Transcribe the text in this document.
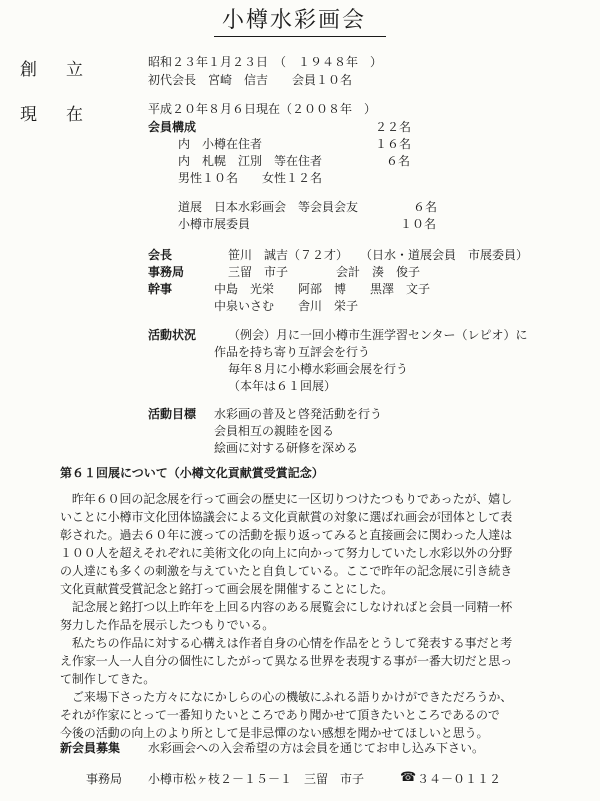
小樽水彩画会
創　立	昭和２３年１月２３日　（　１９４８年　）
初代会長　宮崎　信吉　　会員１０名
現　在	平成２０年８月６日現在（２００８年　）
会員構成	２２名
内　小樽在住者	１６名
内　札幌　江別　等在住者	６名
男性１０名　　女性１２名
道展　日本水彩画会　等会員会友	６名
小樽市展委員	１０名
会長	笹川　誠吉（７２才）　　（日水・道展会員　市展委員）
事務局	三留　市子　　　　会計　湊　俊子
幹事	中島　光栄　　阿部　博　　黒澤　文子
中泉いさむ　　舎川　栄子
活動状況	（例会）月に一回小樽市生涯学習センター（レピオ）に
作品を持ち寄り互評会を行う
毎年８月に小樽水彩画会展を行う
（本年は６１回展）
活動目標 水彩画の普及と啓発活動を行う
会員相互の親睦を図る
絵画に対する研修を深める
第６１回展について（小樽文化貢献賞受賞記念）
　昨年６０回の記念展を行って画会の歴史に一区切りつけたつもりであったが、嬉し
いことに小樽市文化団体協議会による文化貢献賞の対象に選ばれ画会が団体として表
彰された。過去６０年に渡っての活動を振り返ってみると直接画会に関わった人達は
１００人を超えそれぞれに美術文化の向上に向かって努力していたし水彩以外の分野
の人達にも多くの刺激を与えていたと自負している。ここで昨年の記念展に引き続き
文化貢献賞受賞記念と銘打って画会展を開催することにした。
　記念展と銘打つ以上昨年を上回る内容のある展覧会にしなければと会員一同精一杯
努力した作品を展示したつもりでいる。
　私たちの作品に対する心構えは作者自身の心情を作品をとうして発表する事だと考
え作家一人一人自分の個性にしたがって異なる世界を表現する事が一番大切だと思っ
て制作してきた。
　ご来場下さった方々になにかしらの心の機敏にふれる語りかけができただろうか、
それが作家にとって一番知りたいところであり聞かせて頂きたいところであるので
今後の活動の向上のより所として是非忌憚のない感想を聞かせてほしいと思う。
新会員募集 水彩画会への入会希望の方は会員を通じてお申し込み下さい。
事務局 小樽市松ヶ枝２－１５－１　三留　市子	☎ ３４－０１１２
